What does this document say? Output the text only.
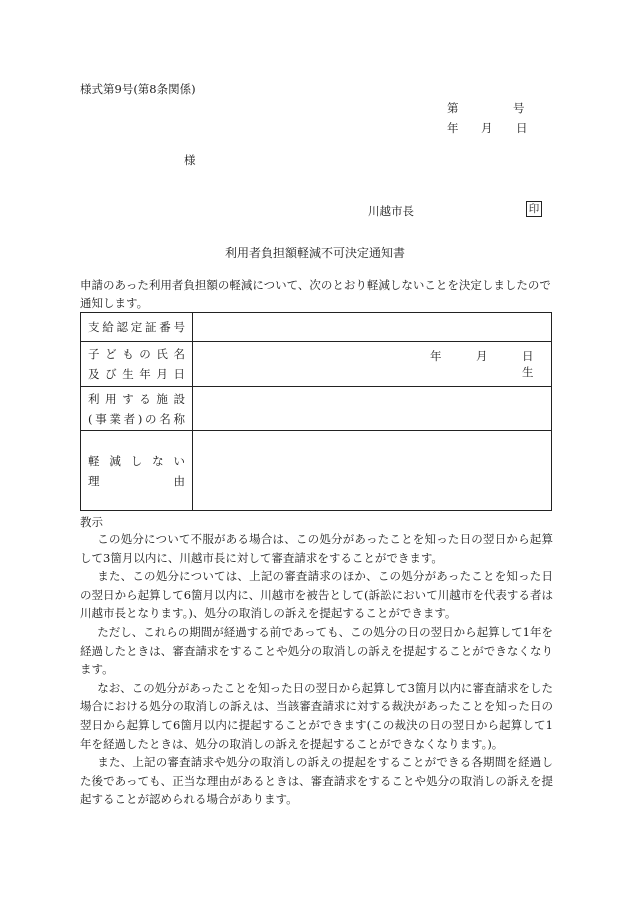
様式第9号(第8条関係)
第	号
年 月 日
様
川越市長	印
利用者負担額軽減不可決定通知書
申請のあった利用者負担額の軽減について、次のとおり軽減しないことを決定しましたので通知します。
支給認定証番号	

子どもの氏名
及び生年月日	年 月 日生

利用する施設
(事業者)の名称	

軽減しない
理由	

教示

この処分について不服がある場合は、この処分があったことを知った日の翌日から起算して3箇月以内に、川越市長に対して審査請求をすることができます。

また、この処分については、上記の審査請求のほか、この処分があったことを知った日の翌日から起算して6箇月以内に、川越市を被告として(訴訟において川越市を代表する者は川越市長となります。)、処分の取消しの訴えを提起することができます。

ただし、これらの期間が経過する前であっても、この処分の日の翌日から起算して1年を経過したときは、審査請求をすることや処分の取消しの訴えを提起することができなくなります。

なお、この処分があったことを知った日の翌日から起算して3箇月以内に審査請求をした場合における処分の取消しの訴えは、当該審査請求に対する裁決があったことを知った日の翌日から起算して6箇月以内に提起することができます(この裁決の日の翌日から起算して1年を経過したときは、処分の取消しの訴えを提起することができなくなります。)。

また、上記の審査請求や処分の取消しの訴えの提起をすることができる各期間を経過した後であっても、正当な理由があるときは、審査請求をすることや処分の取消しの訴えを提起することが認められる場合があります。
